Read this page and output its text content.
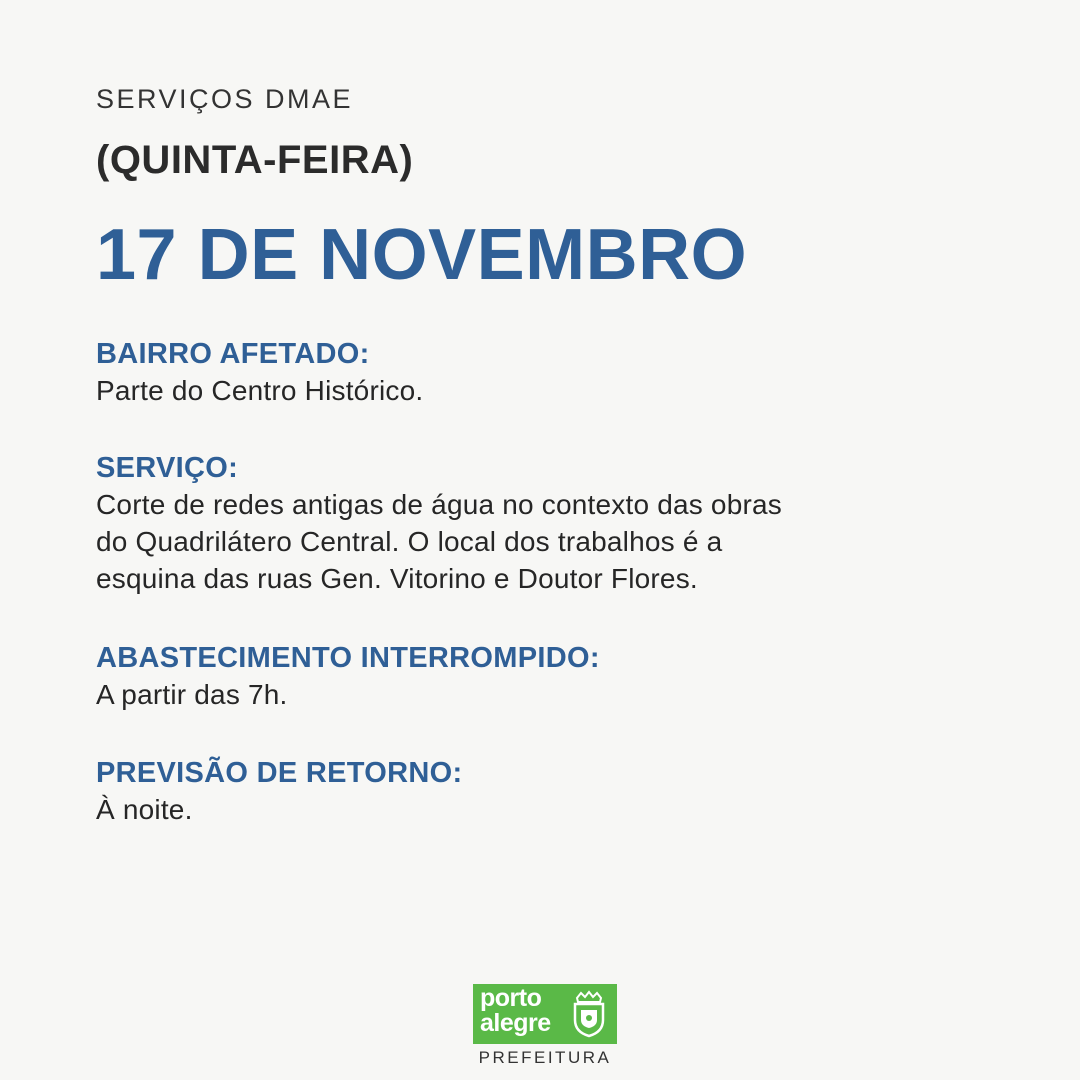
SERVIÇOS DMAE
(QUINTA-FEIRA)
17 DE NOVEMBRO
BAIRRO AFETADO:
Parte do Centro Histórico.
SERVIÇO:
Corte de redes antigas de água no contexto das obras
do Quadrilátero Central. O local dos trabalhos é a
esquina das ruas Gen. Vitorino e Doutor Flores.
ABASTECIMENTO INTERROMPIDO:
A partir das 7h.
PREVISÃO DE RETORNO:
À noite.
porto
alegre
PREFEITURA
